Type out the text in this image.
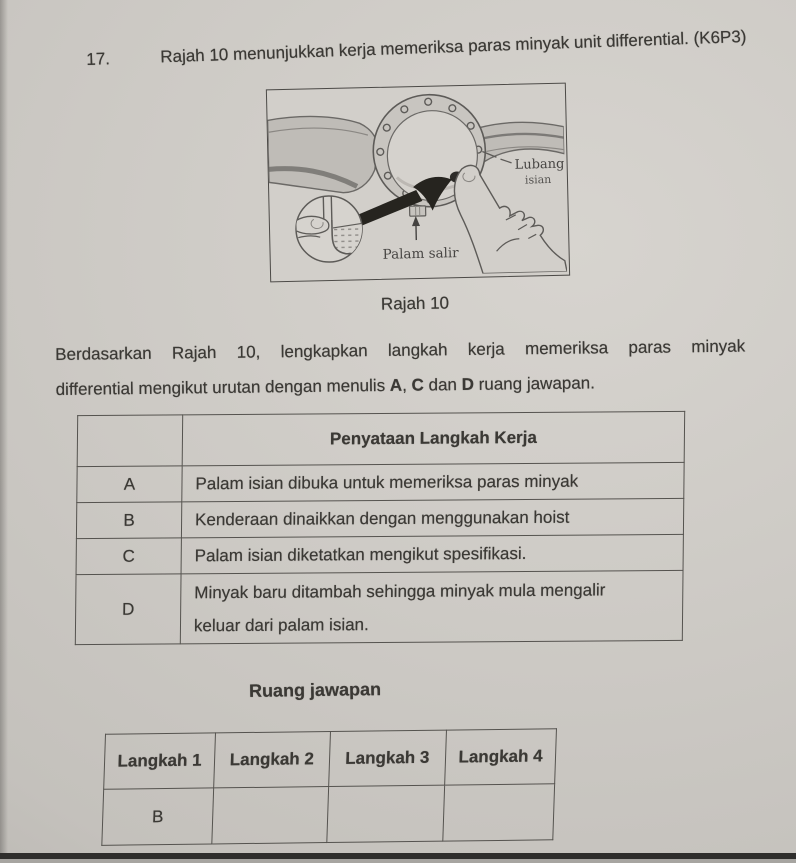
17.	Rajah 10 menunjukkan kerja memeriksa paras minyak unit differential. (K6P3)
Palam salir
Lubang
isian
Rajah 10
Berdasarkan Rajah 10, lengkapkan langkah kerja memeriksa paras minyak
differential mengikut urutan dengan menulis A, C dan D ruang jawapan.
	Penyataan Langkah Kerja
A	Palam isian dibuka untuk memeriksa paras minyak
B	Kenderaan dinaikkan dengan menggunakan hoist
C	Palam isian diketatkan mengikut spesifikasi.
D	Minyak baru ditambah sehingga minyak mula mengalir keluar dari palam isian.
Ruang jawapan
Langkah 1	Langkah 2	Langkah 3	Langkah 4
B			
